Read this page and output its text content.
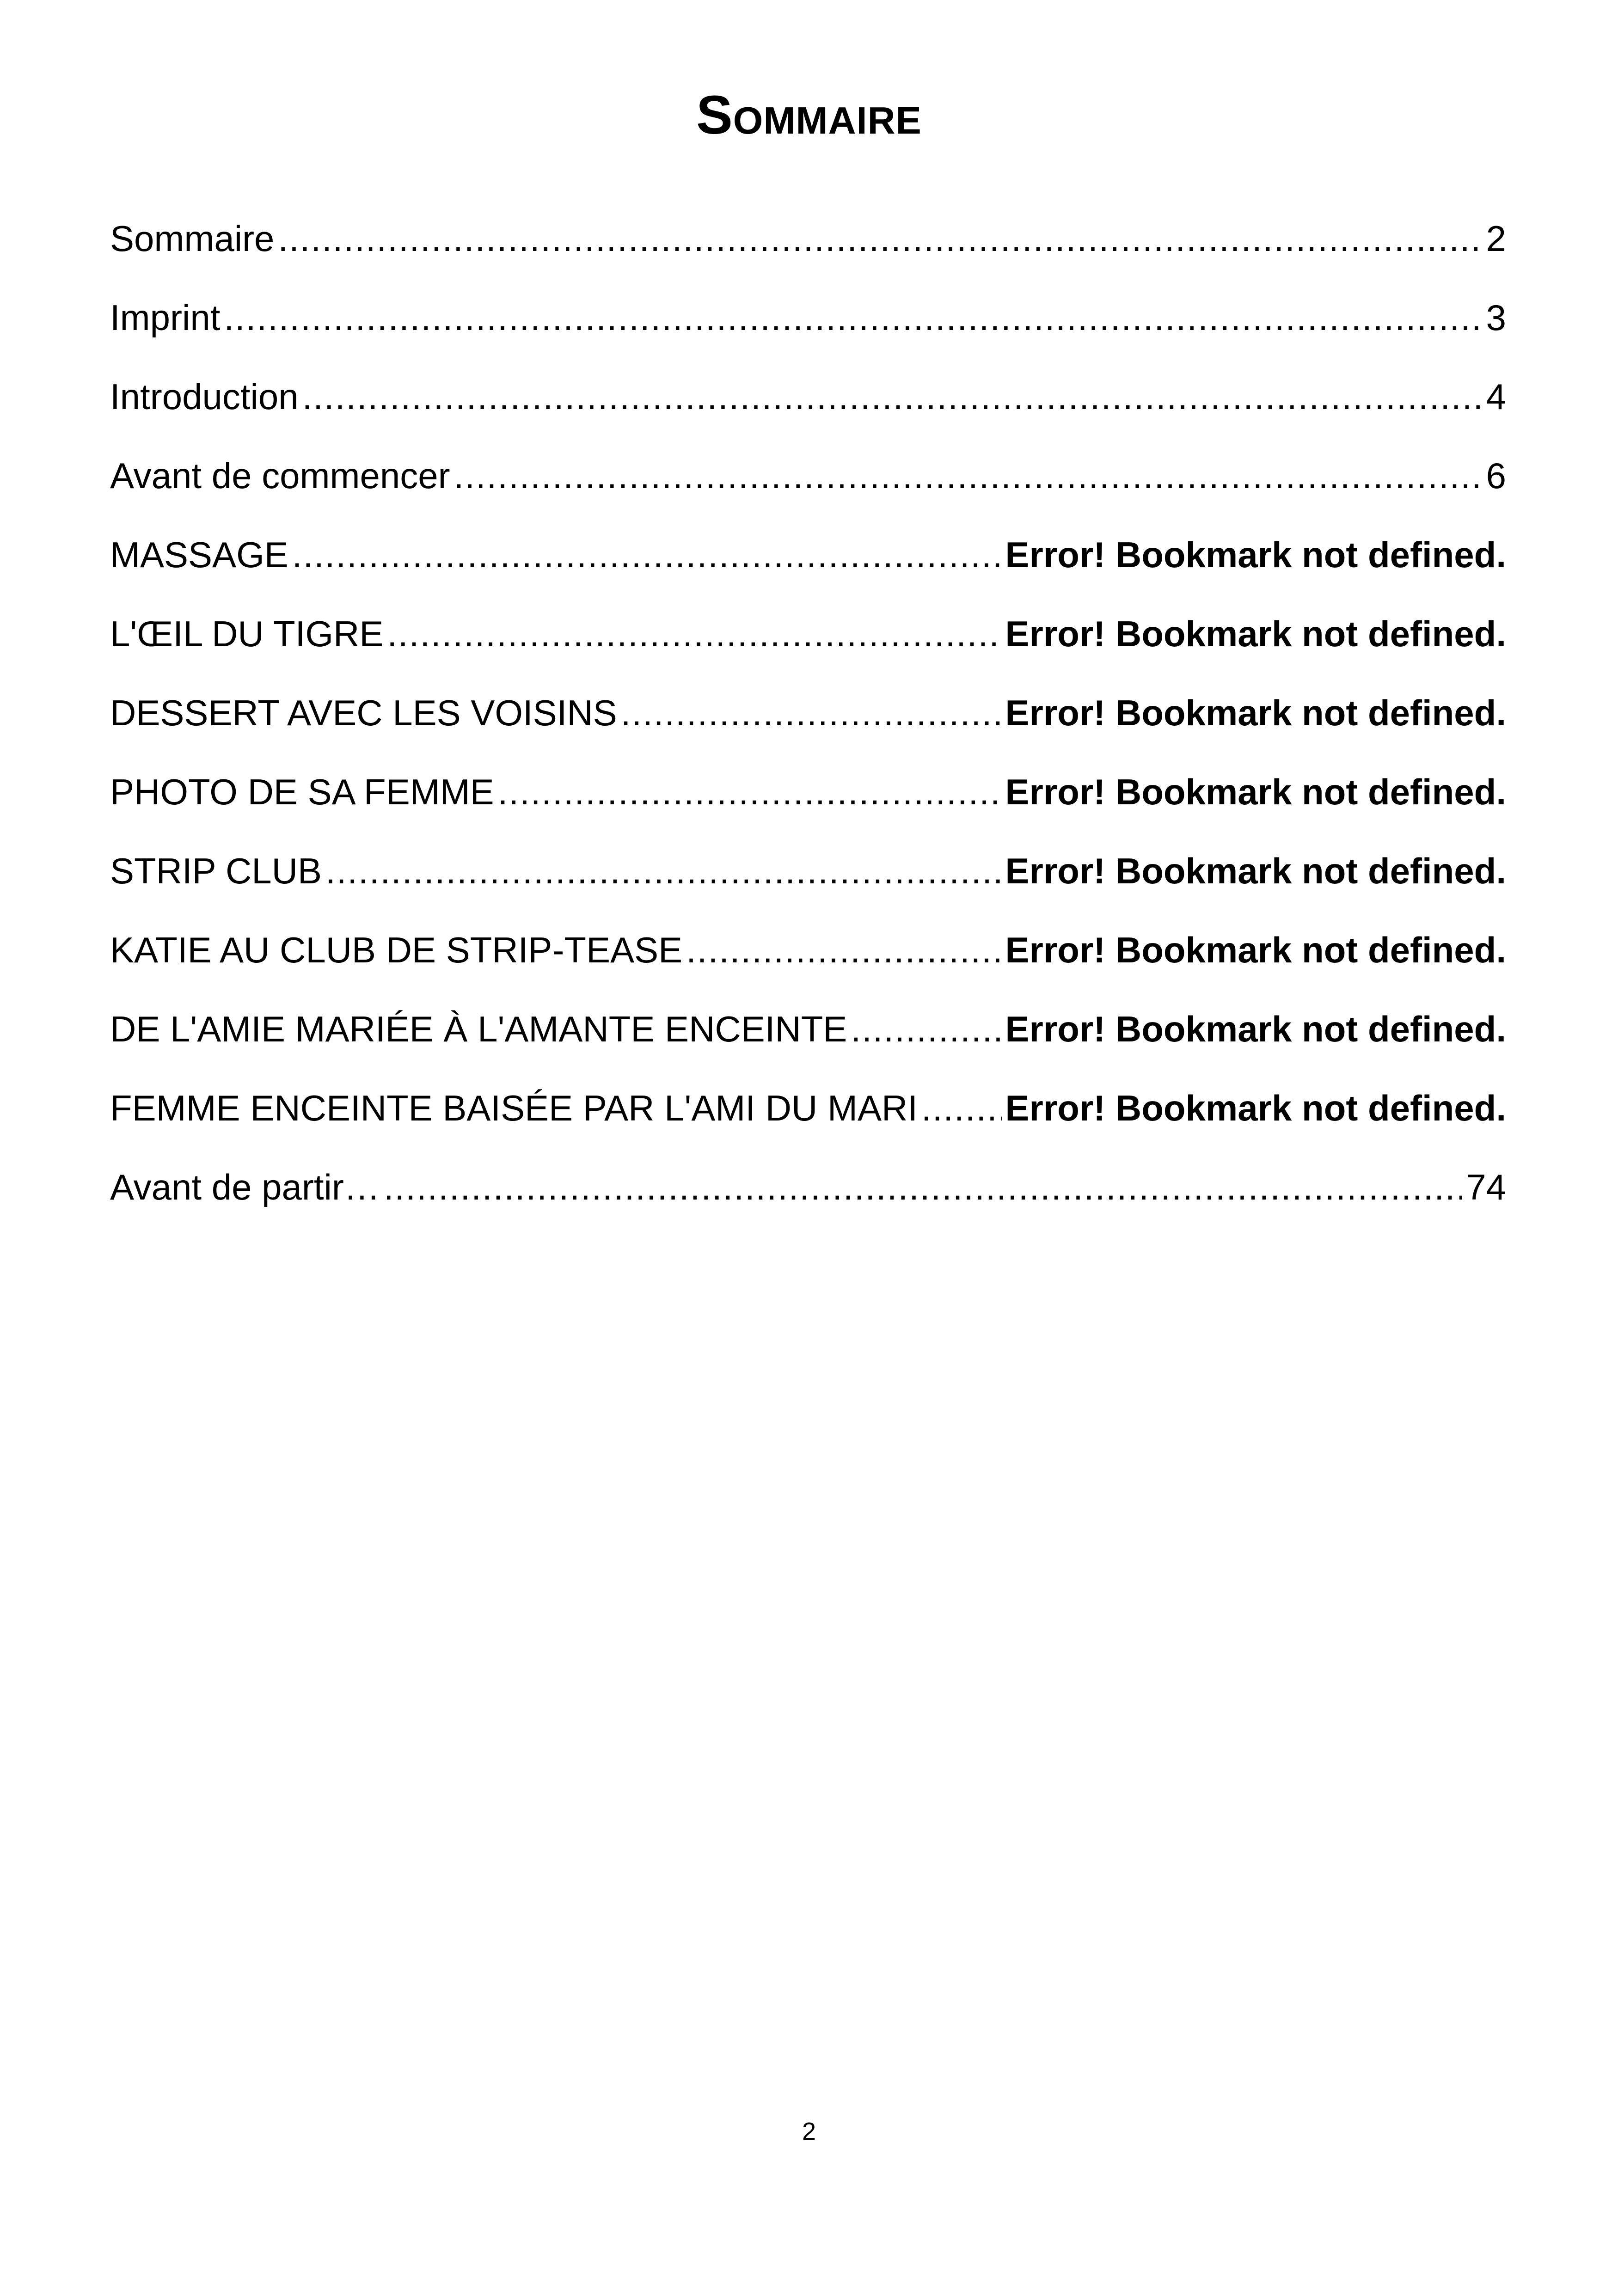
Sommaire
Sommaire .....	2
Imprint .....	3
Introduction .....	4
Avant de commencer .....	6
MASSAGE .....	Error! Bookmark not defined.
L'ŒIL DU TIGRE .....	Error! Bookmark not defined.
DESSERT AVEC LES VOISINS .....	Error! Bookmark not defined.
PHOTO DE SA FEMME .....	Error! Bookmark not defined.
STRIP CLUB .....	Error! Bookmark not defined.
KATIE AU CLUB DE STRIP-TEASE .....	Error! Bookmark not defined.
DE L'AMIE MARIÉE À L'AMANTE ENCEINTE .....	Error! Bookmark not defined.
FEMME ENCEINTE BAISÉE PAR L'AMI DU MARI ..... Error! Bookmark not defined.
Avant de partir… .....	74
2
